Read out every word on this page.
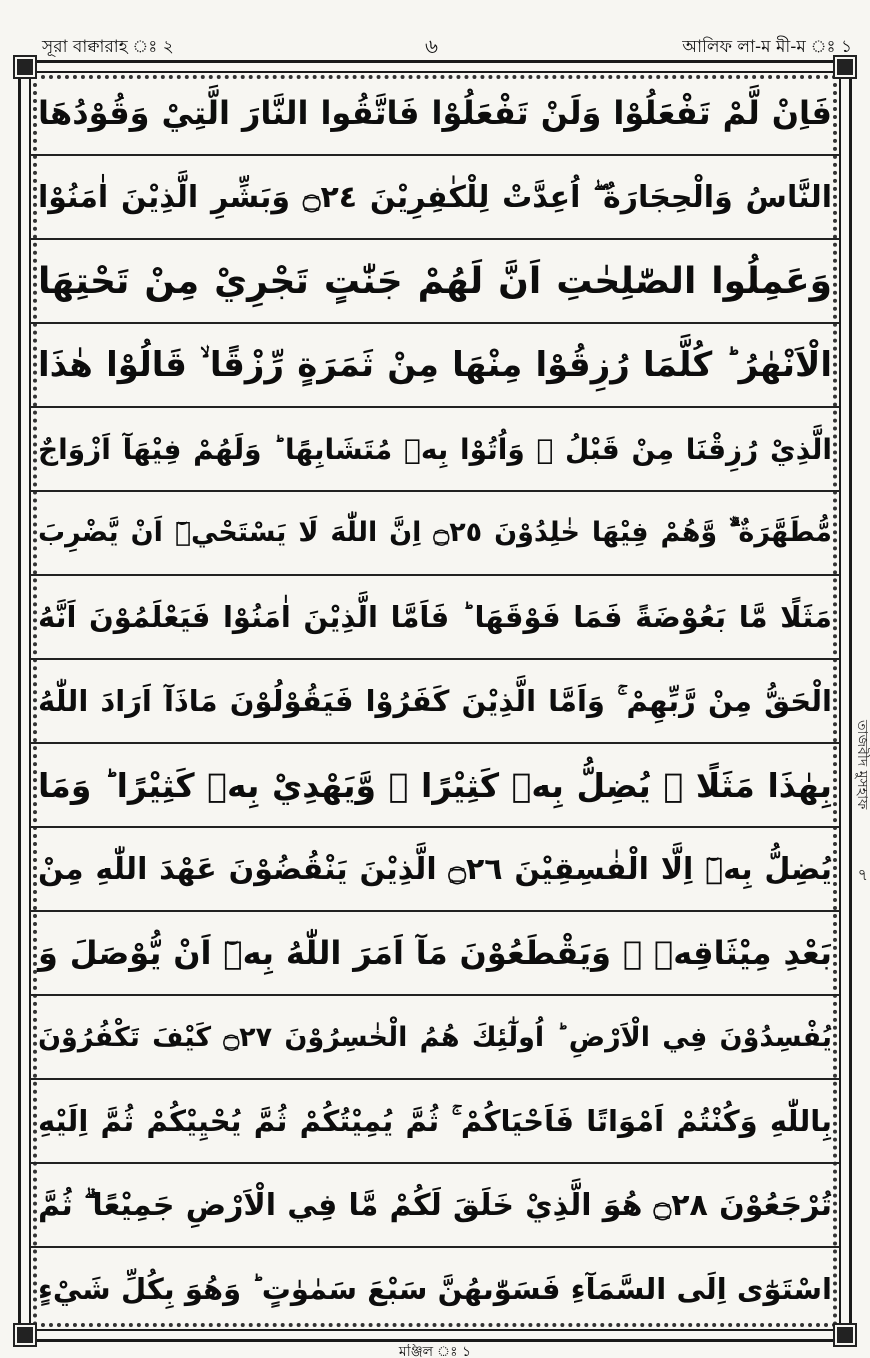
সূরা বাক্বারাহ ঃ ২	৬	আলিফ লা-ম মী-ম ঃ ১
فَاِنْ لَّمْ تَفْعَلُوْا وَلَنْ تَفْعَلُوْا فَاتَّقُوا النَّارَ الَّتِيْ وَقُوْدُهَا
النَّاسُ وَالْحِجَارَةُ ۖ اُعِدَّتْ لِلْكٰفِرِيْنَ ۝٢٤ وَبَشِّرِ الَّذِيْنَ اٰمَنُوْا
وَعَمِلُوا الصّٰلِحٰتِ اَنَّ لَهُمْ جَنّٰتٍ تَجْرِيْ مِنْ تَحْتِهَا
الْاَنْهٰرُ ؕ كُلَّمَا رُزِقُوْا مِنْهَا مِنْ ثَمَرَةٍ رِّزْقًا ۙ قَالُوْا هٰذَا
الَّذِيْ رُزِقْنَا مِنْ قَبْلُ ۙ وَاُتُوْا بِهٖ مُتَشَابِهًا ؕ وَلَهُمْ فِيْهَآ اَزْوَاجٌ
مُّطَهَّرَةٌ ۙۗ وَّهُمْ فِيْهَا خٰلِدُوْنَ ۝٢٥ اِنَّ اللّٰهَ لَا يَسْتَحْيٖٓ اَنْ يَّضْرِبَ
مَثَلًا مَّا بَعُوْضَةً فَمَا فَوْقَهَا ؕ فَاَمَّا الَّذِيْنَ اٰمَنُوْا فَيَعْلَمُوْنَ اَنَّهُ
الْحَقُّ مِنْ رَّبِّهِمْ ۚ وَاَمَّا الَّذِيْنَ كَفَرُوْا فَيَقُوْلُوْنَ مَاذَآ اَرَادَ اللّٰهُ
بِهٰذَا مَثَلًا ۘ يُضِلُّ بِهٖ كَثِيْرًا ۙ وَّيَهْدِيْ بِهٖ كَثِيْرًا ؕ وَمَا
يُضِلُّ بِهٖٓ اِلَّا الْفٰسِقِيْنَ ۝٢٦ الَّذِيْنَ يَنْقُضُوْنَ عَهْدَ اللّٰهِ مِنْ
بَعْدِ مِيْثَاقِهٖ ۠ وَيَقْطَعُوْنَ مَآ اَمَرَ اللّٰهُ بِهٖٓ اَنْ يُّوْصَلَ وَ
يُفْسِدُوْنَ فِي الْاَرْضِ ؕ اُولٰٓئِكَ هُمُ الْخٰسِرُوْنَ ۝٢٧ كَيْفَ تَكْفُرُوْنَ
بِاللّٰهِ وَكُنْتُمْ اَمْوَاتًا فَاَحْيَاكُمْ ۚ ثُمَّ يُمِيْتُكُمْ ثُمَّ يُحْيِيْكُمْ ثُمَّ اِلَيْهِ
تُرْجَعُوْنَ ۝٢٨ هُوَ الَّذِيْ خَلَقَ لَكُمْ مَّا فِي الْاَرْضِ جَمِيْعًا ۗ ثُمَّ
اسْتَوٰٓى اِلَى السَّمَآءِ فَسَوّٰىهُنَّ سَبْعَ سَمٰوٰتٍ ؕ وَهُوَ بِكُلِّ شَيْءٍ
তাজবীদ মুসহাফ
৭
মঞ্জিল ঃ ১
